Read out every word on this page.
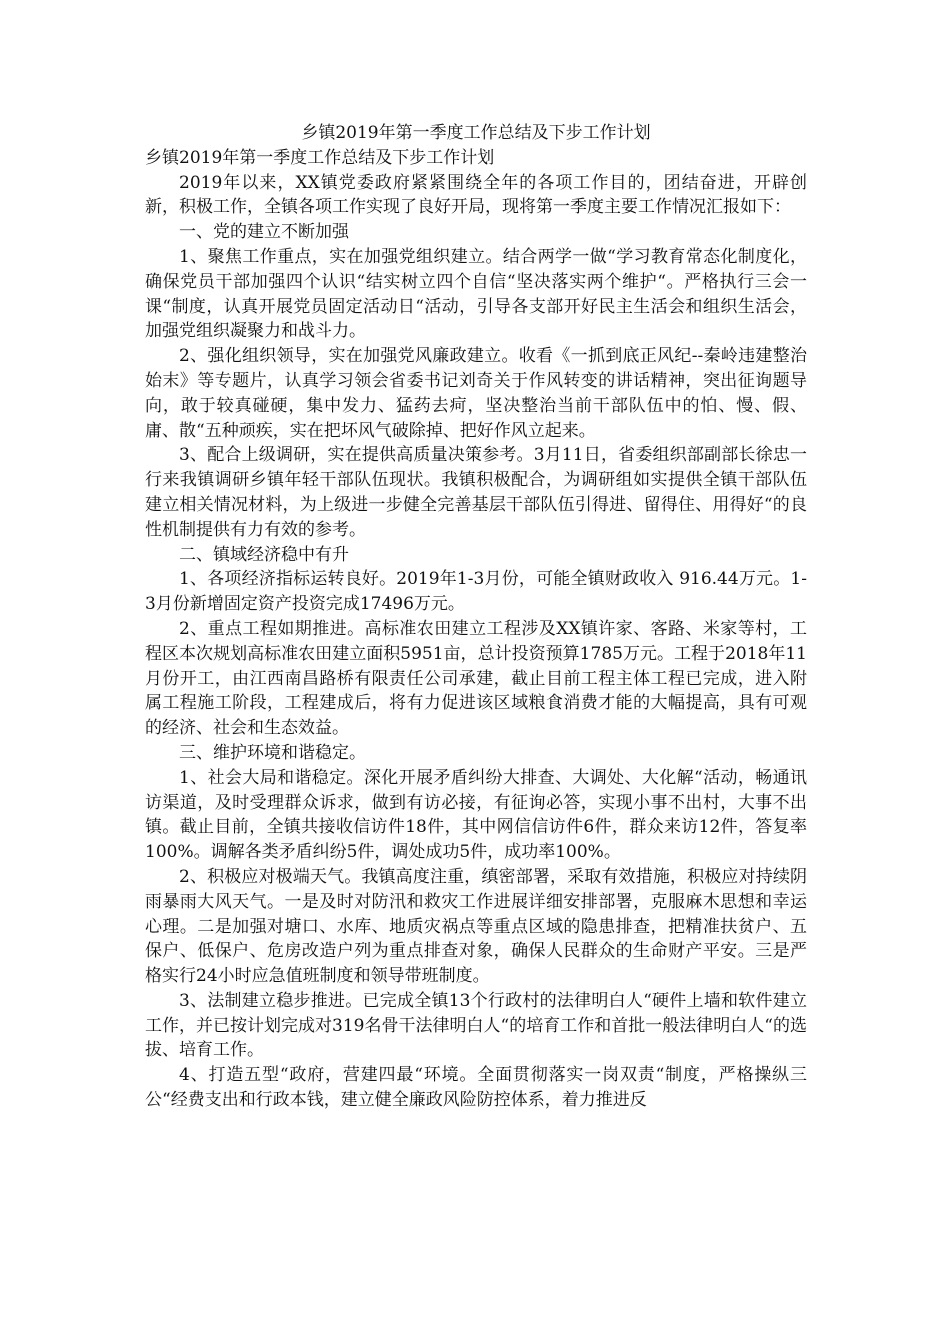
乡镇2019年第一季度工作总结及下步工作计划

乡镇2019年第一季度工作总结及下步工作计划

2019年以来，XX镇党委政府紧紧围绕全年的各项工作目的，团结奋进，开辟创新，积极工作，全镇各项工作实现了良好开局，现将第一季度主要工作情况汇报如下：

一、党的建立不断加强

1、聚焦工作重点，实在加强党组织建立。结合两学一做“学习教育常态化制度化，确保党员干部加强四个认识“结实树立四个自信“坚决落实两个维护“。严格执行三会一课“制度，认真开展党员固定活动日“活动，引导各支部开好民主生活会和组织生活会，加强党组织凝聚力和战斗力。

2、强化组织领导，实在加强党风廉政建立。收看《一抓到底正风纪--秦岭违建整治始末》等专题片，认真学习领会省委书记刘奇关于作风转变的讲话精神，突出征询题导向，敢于较真碰硬，集中发力、猛药去疴，坚决整治当前干部队伍中的怕、慢、假、庸、散“五种顽疾，实在把坏风气破除掉、把好作风立起来。

3、配合上级调研，实在提供高质量决策参考。3月11日，省委组织部副部长徐忠一行来我镇调研乡镇年轻干部队伍现状。我镇积极配合，为调研组如实提供全镇干部队伍建立相关情况材料，为上级进一步健全完善基层干部队伍引得进、留得住、用得好“的良性机制提供有力有效的参考。

二、镇域经济稳中有升

1、各项经济指标运转良好。2019年1-3月份，可能全镇财政收入 916.44万元。1-3月份新增固定资产投资完成17496万元。

2、重点工程如期推进。高标准农田建立工程涉及XX镇许家、客路、米家等村，工程区本次规划高标准农田建立面积5951亩，总计投资预算1785万元。工程于2018年11月份开工，由江西南昌路桥有限责任公司承建，截止目前工程主体工程已完成，进入附属工程施工阶段，工程建成后，将有力促进该区域粮食消费才能的大幅提高，具有可观的经济、社会和生态效益。

三、维护环境和谐稳定。

1、社会大局和谐稳定。深化开展矛盾纠纷大排查、大调处、大化解“活动，畅通讯访渠道，及时受理群众诉求，做到有访必接，有征询必答，实现小事不出村，大事不出镇。截止目前，全镇共接收信访件18件，其中网信信访件6件，群众来访12件，答复率100%。调解各类矛盾纠纷5件，调处成功5件，成功率100%。

2、积极应对极端天气。我镇高度注重，缜密部署，采取有效措施，积极应对持续阴雨暴雨大风天气。一是及时对防汛和救灾工作进展详细安排部署，克服麻木思想和幸运心理。二是加强对塘口、水库、地质灾祸点等重点区域的隐患排查，把精准扶贫户、五保户、低保户、危房改造户列为重点排查对象，确保人民群众的生命财产平安。三是严格实行24小时应急值班制度和领导带班制度。

3、法制建立稳步推进。已完成全镇13个行政村的法律明白人“硬件上墙和软件建立工作，并已按计划完成对319名骨干法律明白人“的培育工作和首批一般法律明白人“的选拔、培育工作。

4、打造五型“政府，营建四最“环境。全面贯彻落实一岗双责“制度，严格操纵三公“经费支出和行政本钱，建立健全廉政风险防控体系，着力推进反
